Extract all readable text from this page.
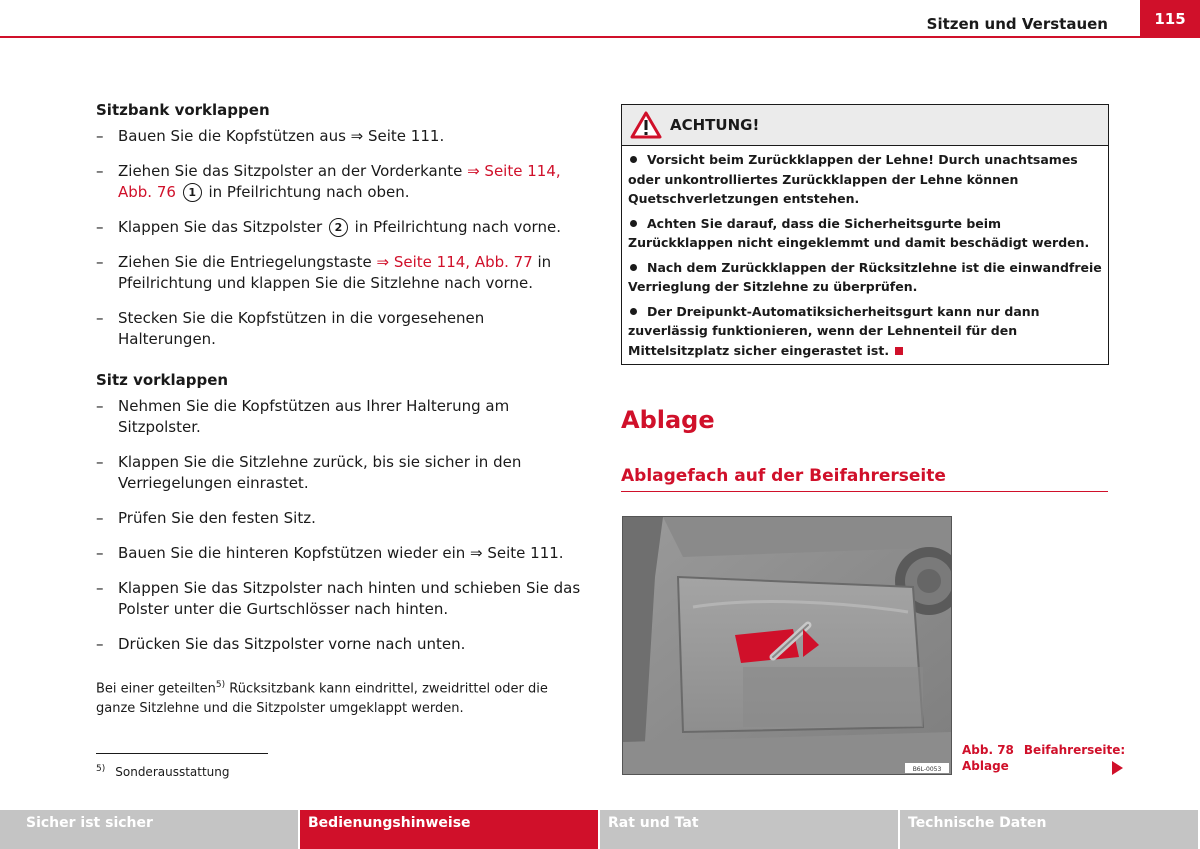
Sitzen und Verstauen	115
Sitzbank vorklappen
– Bauen Sie die Kopfstützen aus ⇒ Seite 111.
– Ziehen Sie das Sitzpolster an der Vorderkante ⇒ Seite 114, Abb. 76 1 in Pfeilrichtung nach oben.
– Klappen Sie das Sitzpolster 2 in Pfeilrichtung nach vorne.
– Ziehen Sie die Entriegelungstaste ⇒ Seite 114, Abb. 77 in Pfeilrichtung und klappen Sie die Sitzlehne nach vorne.
– Stecken Sie die Kopfstützen in die vorgesehenen Halterungen.
Sitz vorklappen
– Nehmen Sie die Kopfstützen aus Ihrer Halterung am Sitzpolster.
– Klappen Sie die Sitzlehne zurück, bis sie sicher in den Verriegelungen einrastet.
– Prüfen Sie den festen Sitz.
– Bauen Sie die hinteren Kopfstützen wieder ein ⇒ Seite 111.
– Klappen Sie das Sitzpolster nach hinten und schieben Sie das Polster unter die Gurtschlösser nach hinten.
– Drücken Sie das Sitzpolster vorne nach unten.
Bei einer geteilten$^{5)}$ Rücksitzbank kann eindrittel, zweidrittel oder die ganze Sitzlehne und die Sitzpolster umgeklappt werden.
$^{5)}$ Sonderausstattung
ACHTUNG!
Vorsicht beim Zurückklappen der Lehne! Durch unachtsames oder unkontrolliertes Zurückklappen der Lehne können Quetschverletzungen entstehen.
Achten Sie darauf, dass die Sicherheitsgurte beim Zurückklappen nicht eingeklemmt und damit beschädigt werden.
Nach dem Zurückklappen der Rücksitzlehne ist die einwandfreie Verrieglung der Sitzlehne zu überprüfen.
Der Dreipunkt-Automatiksicherheitsgurt kann nur dann zuverlässig funktionieren, wenn der Lehnenteil für den Mittelsitzplatz sicher eingerastet ist.
Ablage
Ablagefach auf der Beifahrerseite
B6L-0053
Abb. 78 Beifahrerseite:
Ablage
Sicher ist sicher	Bedienungshinweise	Rat und Tat	Technische Daten
